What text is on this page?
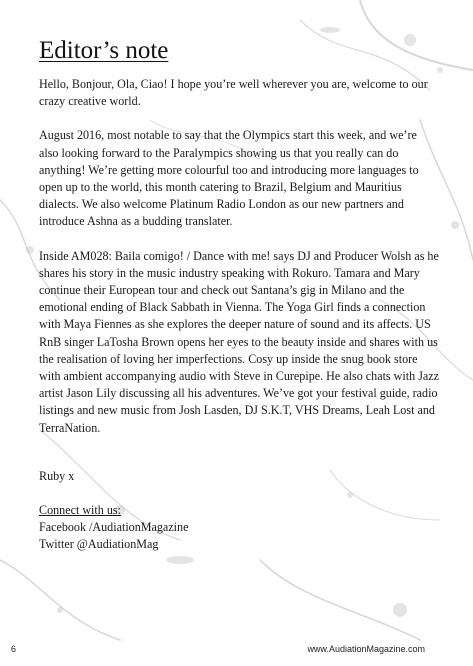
Editor’s note

Hello, Bonjour, Ola, Ciao! I hope you’re well wherever you are, welcome to our crazy creative world.

August 2016, most notable to say that the Olympics start this week, and we’re also looking forward to the Paralympics showing us that you really can do anything! We’re getting more colourful too and introducing more languages to open up to the world, this month catering to Brazil, Belgium and Mauritius dialects. We also welcome Platinum Radio London as our new partners and introduce Ashna as a budding translater.

Inside AM028: Baila comigo! / Dance with me! says DJ and Producer Wolsh as he shares his story in the music industry speaking with Rokuro. Tamara and Mary continue their European tour and check out Santana’s gig in Milano and the emotional ending of Black Sabbath in Vienna. The Yoga Girl finds a connection with Maya Fiennes as she explores the deeper nature of sound and its affects. US RnB singer LaTosha Brown opens her eyes to the beauty inside and shares with us the realisation of loving her imperfections. Cosy up inside the snug book store with ambient accompanying audio with Steve in Curepipe. He also chats with Jazz artist Jason Lily discussing all his adventures. We’ve got your festival guide, radio listings and new music from Josh Lasden, DJ S.K.T, VHS Dreams, Leah Lost and TerraNation.

Ruby x

Connect with us:
Facebook /AudiationMagazine
Twitter @AudiationMag

6	www.AudiationMagazine.com
